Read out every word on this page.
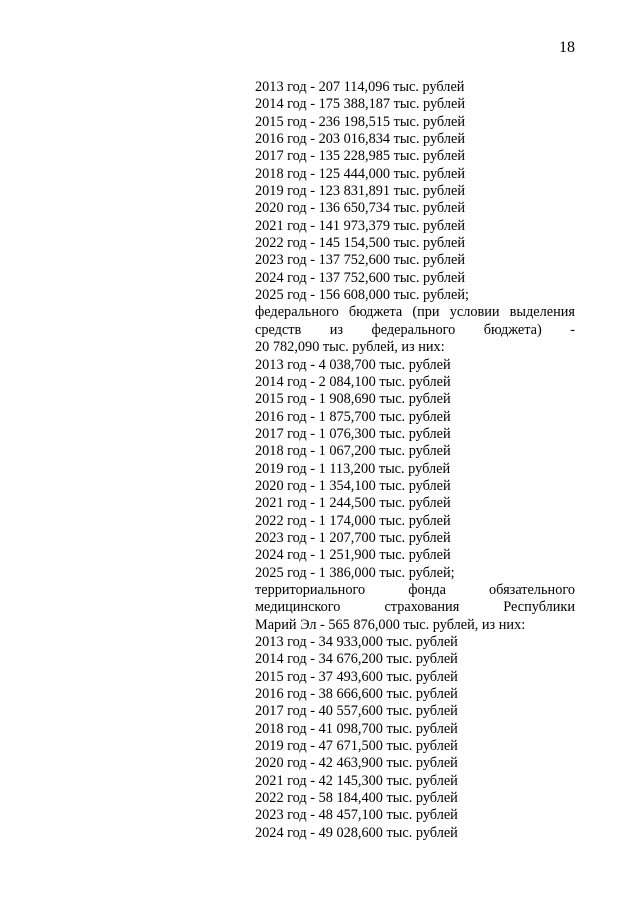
18
2013 год - 207 114,096 тыс. рублей
2014 год - 175 388,187 тыс. рублей
2015 год - 236 198,515 тыс. рублей
2016 год - 203 016,834 тыс. рублей
2017 год - 135 228,985 тыс. рублей
2018 год - 125 444,000 тыс. рублей
2019 год - 123 831,891 тыс. рублей
2020 год - 136 650,734 тыс. рублей
2021 год - 141 973,379 тыс. рублей
2022 год - 145 154,500 тыс. рублей
2023 год - 137 752,600 тыс. рублей
2024 год - 137 752,600 тыс. рублей
2025 год - 156 608,000 тыс. рублей;
федерального бюджета (при условии выделения
средств из федерального бюджета) -
20 782,090 тыс. рублей, из них:
2013 год - 4 038,700 тыс. рублей
2014 год - 2 084,100 тыс. рублей
2015 год - 1 908,690 тыс. рублей
2016 год - 1 875,700 тыс. рублей
2017 год - 1 076,300 тыс. рублей
2018 год - 1 067,200 тыс. рублей
2019 год - 1 113,200 тыс. рублей
2020 год - 1 354,100 тыс. рублей
2021 год - 1 244,500 тыс. рублей
2022 год - 1 174,000 тыс. рублей
2023 год - 1 207,700 тыс. рублей
2024 год - 1 251,900 тыс. рублей
2025 год - 1 386,000 тыс. рублей;
территориального фонда обязательного
медицинского страхования Республики
Марий Эл - 565 876,000 тыс. рублей, из них:
2013 год - 34 933,000 тыс. рублей
2014 год - 34 676,200 тыс. рублей
2015 год - 37 493,600 тыс. рублей
2016 год - 38 666,600 тыс. рублей
2017 год - 40 557,600 тыс. рублей
2018 год - 41 098,700 тыс. рублей
2019 год - 47 671,500 тыс. рублей
2020 год - 42 463,900 тыс. рублей
2021 год - 42 145,300 тыс. рублей
2022 год - 58 184,400 тыс. рублей
2023 год - 48 457,100 тыс. рублей
2024 год - 49 028,600 тыс. рублей
